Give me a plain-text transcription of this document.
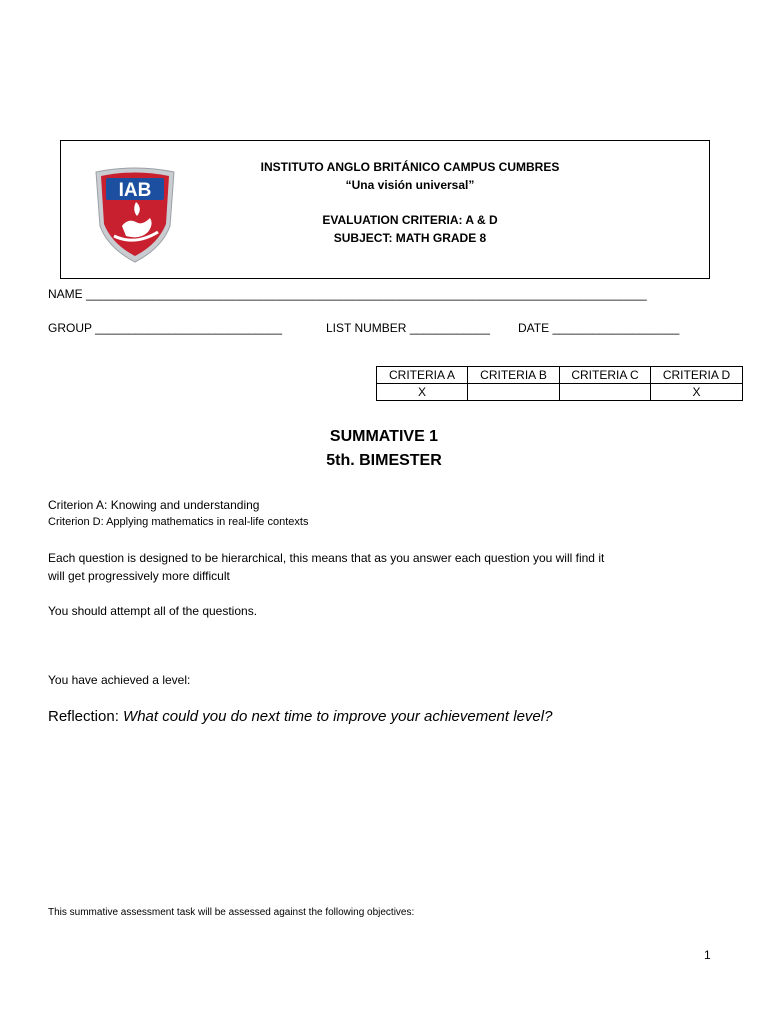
IAB
INSTITUTO ANGLO BRITÁNICO CAMPUS CUMBRES
“Una visión universal”
EVALUATION CRITERIA: A & D
SUBJECT: MATH GRADE 8
NAME ____________________________________________________________________________________
GROUP ____________________________	LIST NUMBER ____________ DATE ___________________
CRITERIA A	CRITERIA B	CRITERIA C	CRITERIA D
X			X
SUMMATIVE 1
5th. BIMESTER
Criterion A: Knowing and understanding
Criterion D: Applying mathematics in real-life contexts
Each question is designed to be hierarchical, this means that as you answer each question you will find it
will get progressively more difficult
You should attempt all of the questions.
You have achieved a level:
Reflection: What could you do next time to improve your achievement level?
This summative assessment task will be assessed against the following objectives:
1
